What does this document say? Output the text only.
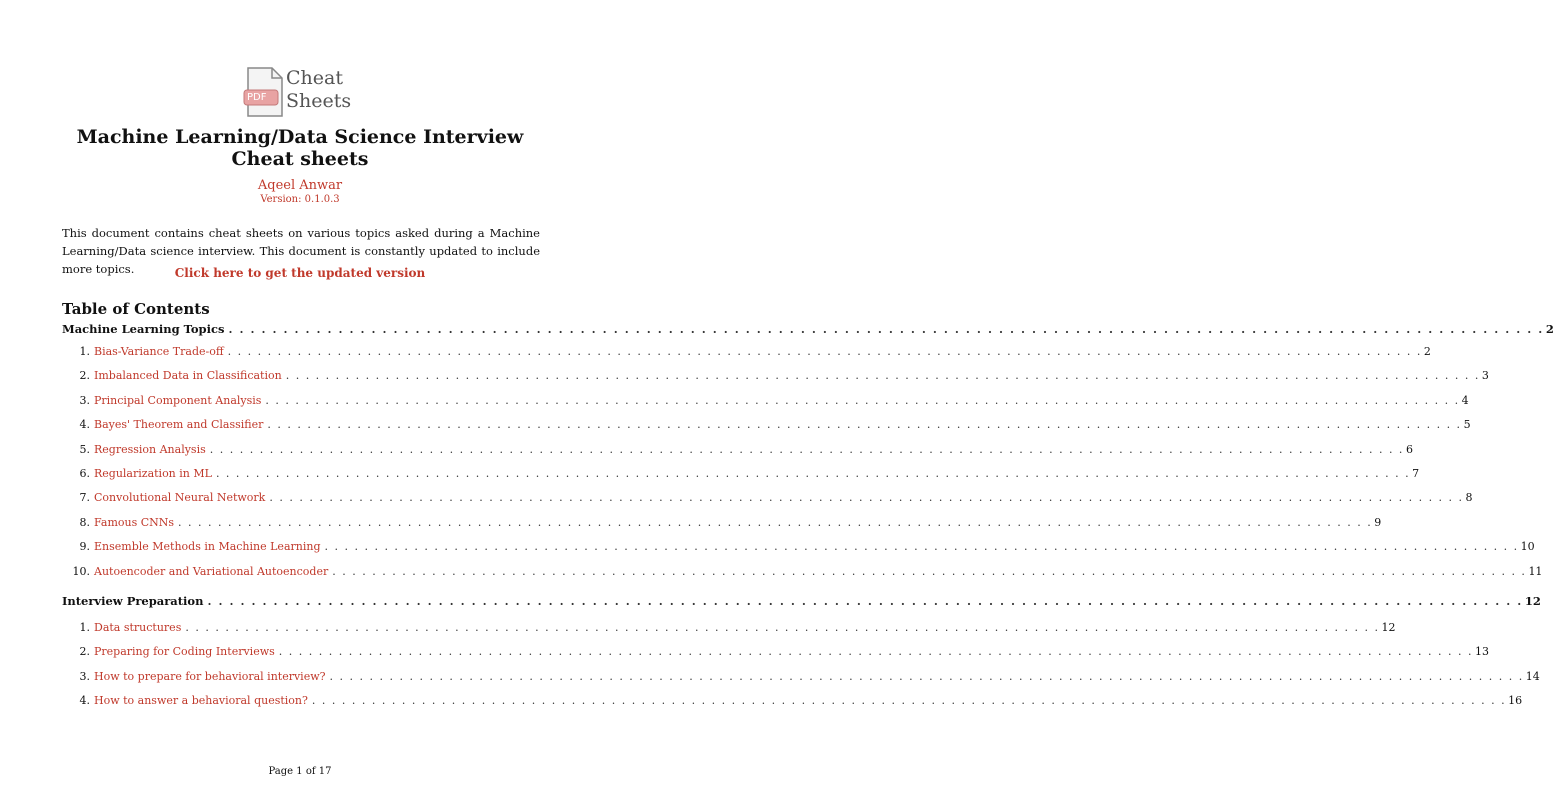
PDF
Cheat
Sheets
Machine Learning/Data Science Interview
Cheat sheets
Aqeel Anwar
Version: 0.1.0.3
This document contains cheat sheets on various topics asked during a Machine Learning/Data science interview. This document is constantly updated to include more topics.	Click here to get the updated version
Table of Contents
Machine Learning Topics . . . . . . . . . . . . . . . . . . . . . . . . . . . . . . . . . . . . . . . . . . . . . . . . . . . . . . . . . . . . . . . . . . . . . . . . . . . . . . . . . . . . . . . . . . . . . . . . . . . . . . . . . . . . . . . . . . . . . . . . 2
1. Bias-Variance Trade-off . . . . . . . . . . . . . . . . . . . . . . . . . . . . . . . . . . . . . . . . . . . . . . . . . . . . . . . . . . . . . . . . . . . . . . . . . . . . . . . . . . . . . . . . . . . . . . . . . . . . . . . . . . . . . . . . . . . . . . . . 2
2. Imbalanced Data in Classification . . . . . . . . . . . . . . . . . . . . . . . . . . . . . . . . . . . . . . . . . . . . . . . . . . . . . . . . . . . . . . . . . . . . . . . . . . . . . . . . . . . . . . . . . . . . . . . . . . . . . . . . . . . . . . . . . . . . . . . . 3
3. Principal Component Analysis . . . . . . . . . . . . . . . . . . . . . . . . . . . . . . . . . . . . . . . . . . . . . . . . . . . . . . . . . . . . . . . . . . . . . . . . . . . . . . . . . . . . . . . . . . . . . . . . . . . . . . . . . . . . . . . . . . . . . . . . 4
4. Bayes' Theorem and Classifier . . . . . . . . . . . . . . . . . . . . . . . . . . . . . . . . . . . . . . . . . . . . . . . . . . . . . . . . . . . . . . . . . . . . . . . . . . . . . . . . . . . . . . . . . . . . . . . . . . . . . . . . . . . . . . . . . . . . . . . . 5
5. Regression Analysis . . . . . . . . . . . . . . . . . . . . . . . . . . . . . . . . . . . . . . . . . . . . . . . . . . . . . . . . . . . . . . . . . . . . . . . . . . . . . . . . . . . . . . . . . . . . . . . . . . . . . . . . . . . . . . . . . . . . . . . . 6
6. Regularization in ML . . . . . . . . . . . . . . . . . . . . . . . . . . . . . . . . . . . . . . . . . . . . . . . . . . . . . . . . . . . . . . . . . . . . . . . . . . . . . . . . . . . . . . . . . . . . . . . . . . . . . . . . . . . . . . . . . . . . . . . . 7
7. Convolutional Neural Network . . . . . . . . . . . . . . . . . . . . . . . . . . . . . . . . . . . . . . . . . . . . . . . . . . . . . . . . . . . . . . . . . . . . . . . . . . . . . . . . . . . . . . . . . . . . . . . . . . . . . . . . . . . . . . . . . . . . . . . . 8
8. Famous CNNs . . . . . . . . . . . . . . . . . . . . . . . . . . . . . . . . . . . . . . . . . . . . . . . . . . . . . . . . . . . . . . . . . . . . . . . . . . . . . . . . . . . . . . . . . . . . . . . . . . . . . . . . . . . . . . . . . . . . . . . . 9
9. Ensemble Methods in Machine Learning . . . . . . . . . . . . . . . . . . . . . . . . . . . . . . . . . . . . . . . . . . . . . . . . . . . . . . . . . . . . . . . . . . . . . . . . . . . . . . . . . . . . . . . . . . . . . . . . . . . . . . . . . . . . . . . . . . . . . . . . 10
10. Autoencoder and Variational Autoencoder . . . . . . . . . . . . . . . . . . . . . . . . . . . . . . . . . . . . . . . . . . . . . . . . . . . . . . . . . . . . . . . . . . . . . . . . . . . . . . . . . . . . . . . . . . . . . . . . . . . . . . . . . . . . . . . . . . . . . . . . 11
Interview Preparation . . . . . . . . . . . . . . . . . . . . . . . . . . . . . . . . . . . . . . . . . . . . . . . . . . . . . . . . . . . . . . . . . . . . . . . . . . . . . . . . . . . . . . . . . . . . . . . . . . . . . . . . . . . . . . . . . . . . . . . . 12
1. Data structures . . . . . . . . . . . . . . . . . . . . . . . . . . . . . . . . . . . . . . . . . . . . . . . . . . . . . . . . . . . . . . . . . . . . . . . . . . . . . . . . . . . . . . . . . . . . . . . . . . . . . . . . . . . . . . . . . . . . . . . . 12
2. Preparing for Coding Interviews . . . . . . . . . . . . . . . . . . . . . . . . . . . . . . . . . . . . . . . . . . . . . . . . . . . . . . . . . . . . . . . . . . . . . . . . . . . . . . . . . . . . . . . . . . . . . . . . . . . . . . . . . . . . . . . . . . . . . . . . 13
3. How to prepare for behavioral interview? . . . . . . . . . . . . . . . . . . . . . . . . . . . . . . . . . . . . . . . . . . . . . . . . . . . . . . . . . . . . . . . . . . . . . . . . . . . . . . . . . . . . . . . . . . . . . . . . . . . . . . . . . . . . . . . . . . . . . . . . 14
4. How to answer a behavioral question? . . . . . . . . . . . . . . . . . . . . . . . . . . . . . . . . . . . . . . . . . . . . . . . . . . . . . . . . . . . . . . . . . . . . . . . . . . . . . . . . . . . . . . . . . . . . . . . . . . . . . . . . . . . . . . . . . . . . . . . . 16
Page 1 of 17
